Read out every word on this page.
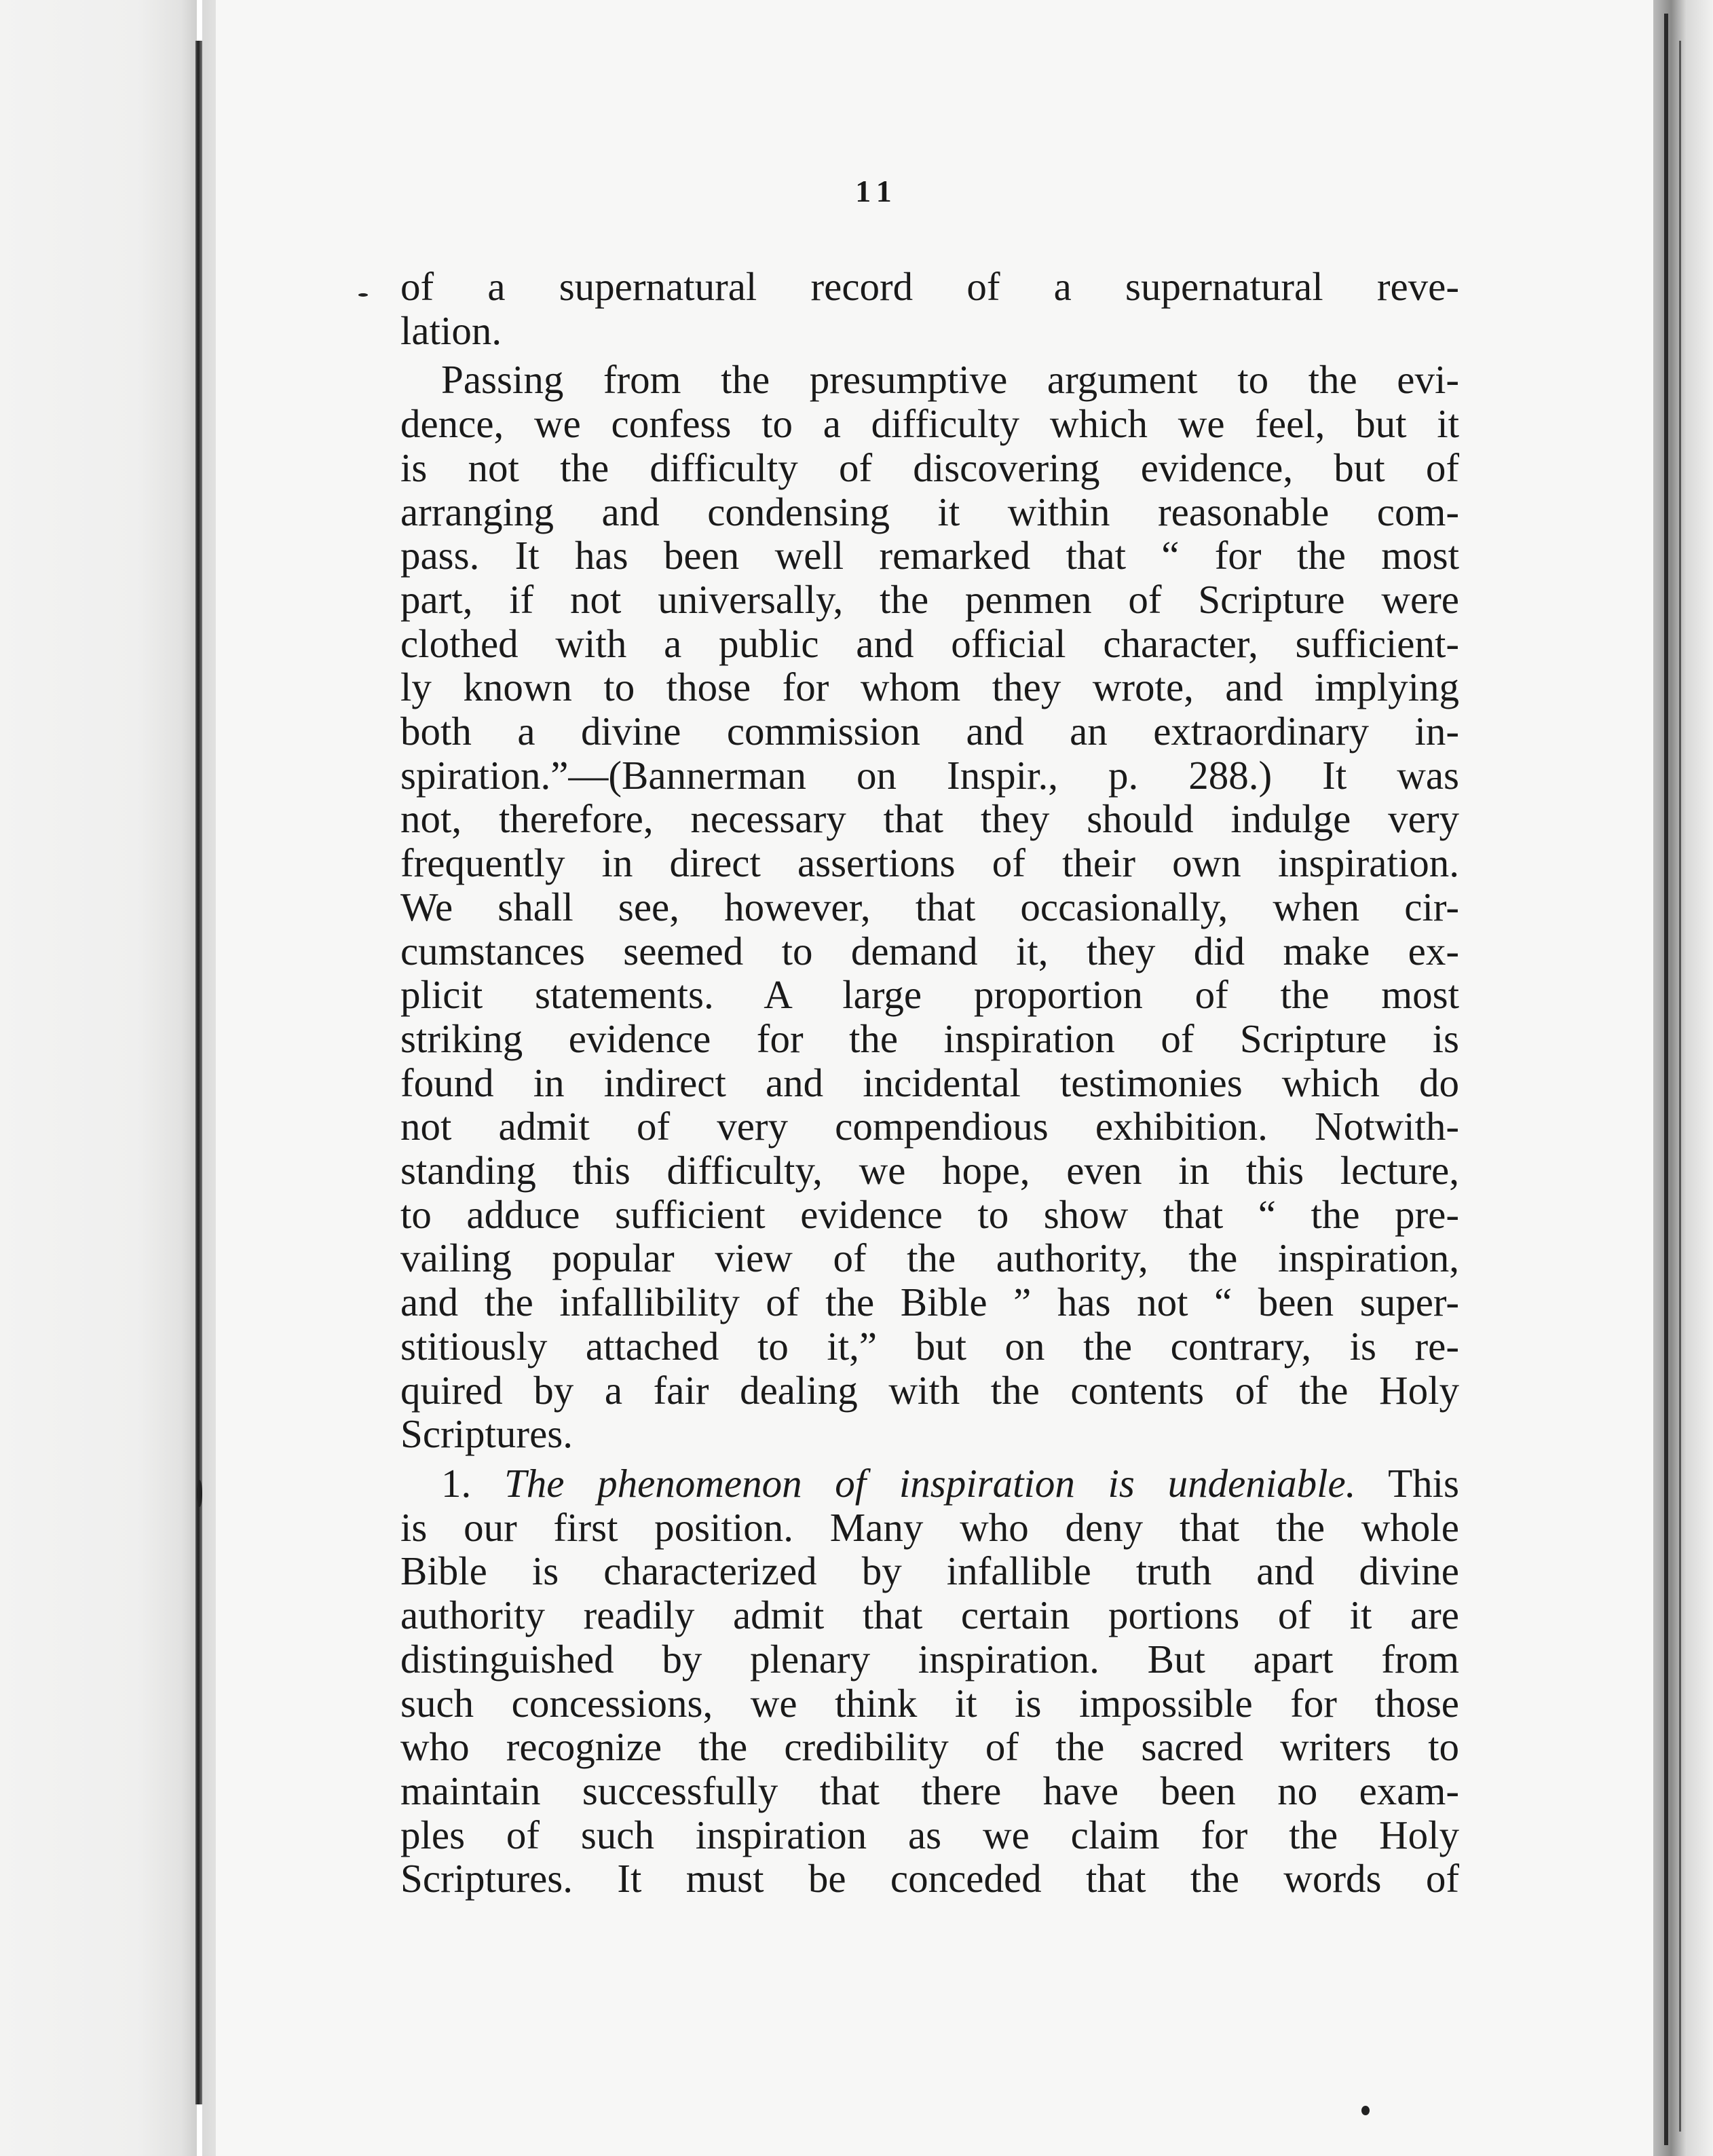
11
of a supernatural record of a supernatural reve-
lation.
Passing from the presumptive argument to the evi-
dence, we confess to a difficulty which we feel, but it
is not the difficulty of discovering evidence, but of
arranging and condensing it within reasonable com-
pass. It has been well remarked that “ for the most
part, if not universally, the penmen of Scripture were
clothed with a public and official character, sufficient-
ly known to those for whom they wrote, and implying
both a divine commission and an extraordinary in-
spiration.”—(Bannerman on Inspir., p. 288.) It was
not, therefore, necessary that they should indulge very
frequently in direct assertions of their own inspiration.
We shall see, however, that occasionally, when cir-
cumstances seemed to demand it, they did make ex-
plicit statements. A large proportion of the most
striking evidence for the inspiration of Scripture is
found in indirect and incidental testimonies which do
not admit of very compendious exhibition. Notwith-
standing this difficulty, we hope, even in this lecture,
to adduce sufficient evidence to show that “ the pre-
vailing popular view of the authority, the inspiration,
and the infallibility of the Bible ” has not “ been super-
stitiously attached to it,” but on the contrary, is re-
quired by a fair dealing with the contents of the Holy
Scriptures.
1. The phenomenon of inspiration is undeniable. This
is our first position. Many who deny that the whole
Bible is characterized by infallible truth and divine
authority readily admit that certain portions of it are
distinguished by plenary inspiration. But apart from
such concessions, we think it is impossible for those
who recognize the credibility of the sacred writers to
maintain successfully that there have been no exam-
ples of such inspiration as we claim for the Holy
Scriptures. It must be conceded that the words of
